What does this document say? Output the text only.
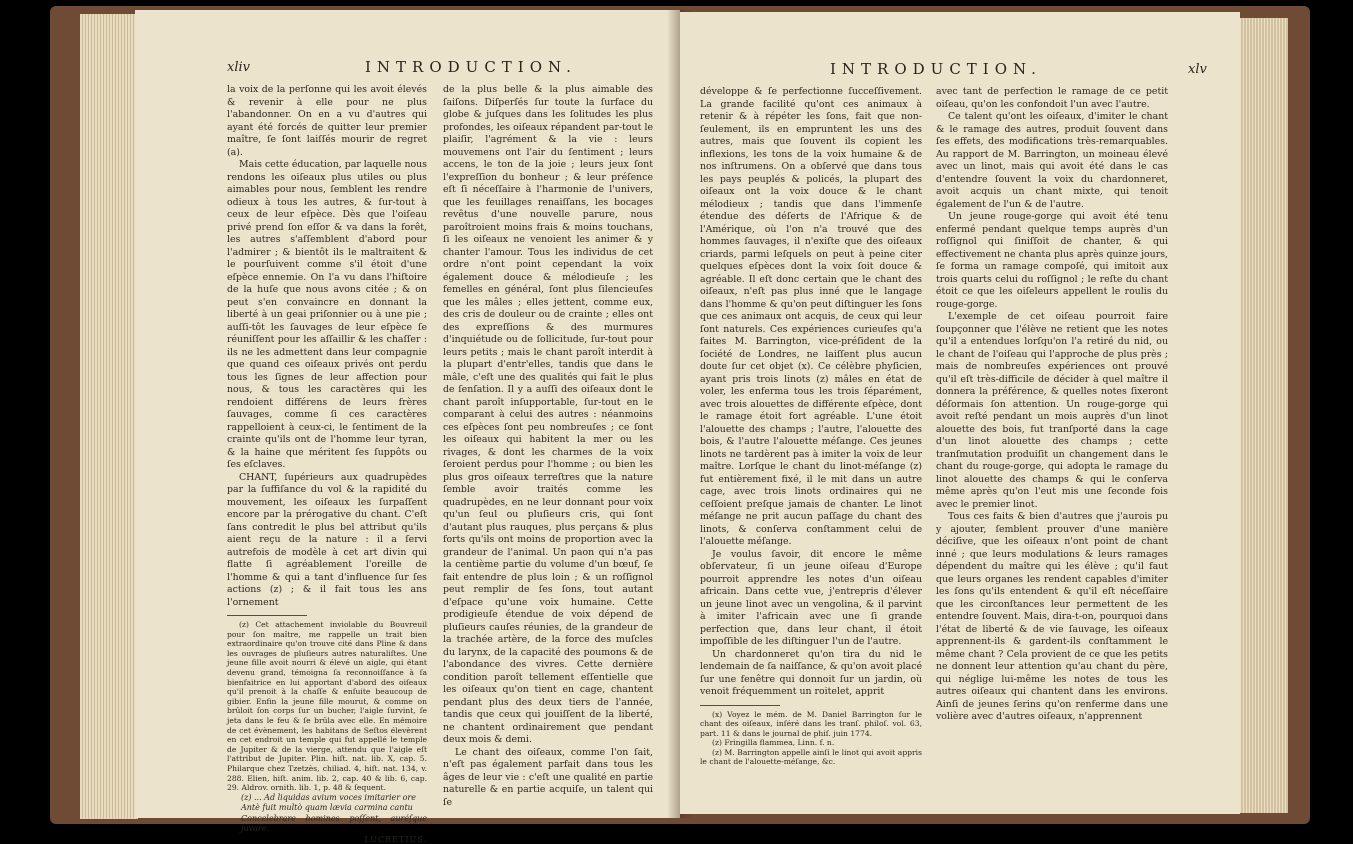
xliv	INTRODUCTION.

la voix de la perſonne qui les avoit élevés & revenir à elle pour ne plus l'abandonner. On en a vu d'autres qui ayant été forcés de quitter leur premier maître, ſe ſont laiſſés mourir de regret (a).

Mais cette éducation, par laquelle nous rendons les oiſeaux plus utiles ou plus aimables pour nous, ſemblent les rendre odieux à tous les autres, & ſur-tout à ceux de leur eſpèce. Dès que l'oiſeau privé prend ſon eſſor & va dans la forêt, les autres s'aſſemblent d'abord pour l'admirer ; & bientôt ils le maltraitent & le pourſuivent comme s'il étoit d'une eſpèce ennemie. On l'a vu dans l'hiſtoire de la huſe que nous avons citée ; & on peut s'en convaincre en donnant la liberté à un geai priſonnier ou à une pie ; auſſi-tôt les ſauvages de leur eſpèce ſe réuniſſent pour les aſſaillir & les chaſſer : ils ne les admettent dans leur compagnie que quand ces oiſeaux privés ont perdu tous les ſignes de leur affection pour nous, & tous les caractères qui les rendoient différens de leurs frères ſauvages, comme ſi ces caractères rappelloient à ceux-ci, le ſentiment de la crainte qu'ils ont de l'homme leur tyran, & la haine que méritent ſes ſuppôts ou ſes eſclaves.

CHANT, ſupérieurs aux quadrupèdes par la ſuffiſance du vol & la rapidité du mouvement, les oiſeaux les ſurpaſſent encore par la prérogative du chant. C'eſt ſans contredit le plus bel attribut qu'ils aient reçu de la nature : il a ſervi autrefois de modèle à cet art divin qui flatte ſi agréablement l'oreille de l'homme & qui a tant d'influence ſur ſes actions (z) ; & il fait tous les ans l'ornement

(z) Cet attachement inviolable du Bouvreuil pour ſon maître, me rappelle un trait bien extraordinaire qu'on trouve cité dans Pline & dans les ouvrages de pluſieurs autres naturaliſtes. Une jeune fille avoit nourri & élevé un aigle, qui étant devenu grand, témoigna ſa reconnoiſſance à ſa bienfaitrice en lui apportant d'abord des oiſeaux qu'il prenoit à la chaſſe & enſuite beaucoup de gibier. Enfin la jeune fille mourut, & comme on brûloit ſon corps ſur un bucher, l'aigle ſurvint, ſe jeta dans le feu & ſe brûla avec elle. En mémoire de cet évènement, les habitans de Seſtos élevèrent en cet endroit un temple qui fut appellé le temple de Jupiter & de la vierge, attendu que l'aigle eſt l'attribut de Jupiter. Plin. hiſt. nat. lib. X, cap. 5. Philarque chez Tzetzès, chiliad. 4, hiſt. nat. 134, v. 288. Elien, hiſt. anim. lib. 2, cap. 40 & lib. 6, cap. 29. Aldrov. ornith. lib. 1, p. 48 & ſequent.

(z) ... Ad liquidas avium voces imitarier ore
Antè fuit multò quam lævia carmina cantu
Concelebrare homines poſſent, auréſque juvare.
LUCRETIUS.

de la plus belle & la plus aimable des ſaiſons. Diſperſés ſur toute la ſurface du globe & juſques dans les ſolitudes les plus profondes, les oiſeaux répandent par-tout le plaiſir, l'agrément & la vie : leurs mouvemens ont l'air du ſentiment ; leurs accens, le ton de la joie ; leurs jeux ſont l'expreſſion du bonheur ; & leur préſence eſt ſi néceſſaire à l'harmonie de l'univers, que les feuillages renaiſſans, les bocages revêtus d'une nouvelle parure, nous paroîtroient moins frais & moins touchans, ſi les oiſeaux ne venoient les animer & y chanter l'amour. Tous les individus de cet ordre n'ont point cependant la voix également douce & mélodieuſe ; les femelles en général, ſont plus ſilencieuſes que les mâles ; elles jettent, comme eux, des cris de douleur ou de crainte ; elles ont des expreſſions & des murmures d'inquiétude ou de ſollicitude, ſur-tout pour leurs petits ; mais le chant paroît interdit à la plupart d'entr'elles, tandis que dans le mâle, c'eſt une des qualités qui fait le plus de ſenſation. Il y a auſſi des oiſeaux dont le chant paroît inſupportable, ſur-tout en le comparant à celui des autres : néanmoins ces eſpèces ſont peu nombreuſes ; ce ſont les oiſeaux qui habitent la mer ou les rivages, & dont les charmes de la voix ſeroient perdus pour l'homme ; ou bien les plus gros oiſeaux terreſtres que la nature ſemble avoir traités comme les quadrupèdes, en ne leur donnant pour voix qu'un ſeul ou pluſieurs cris, qui ſont d'autant plus rauques, plus perçans & plus forts qu'ils ont moins de proportion avec la grandeur de l'animal. Un paon qui n'a pas la centième partie du volume d'un bœuf, ſe fait entendre de plus loin ; & un roſſignol peut remplir de ſes ſons, tout autant d'eſpace qu'une voix humaine. Cette prodigieuſe étendue de voix dépend de pluſieurs cauſes réunies, de la grandeur de la trachée artère, de la force des muſcles du larynx, de la capacité des poumons & de l'abondance des vivres. Cette dernière condition paroît tellement eſſentielle que les oiſeaux qu'on tient en cage, chantent pendant plus des deux tiers de l'année, tandis que ceux qui jouiſſent de la liberté, ne chantent ordinairement que pendant deux mois & demi.

Le chant des oiſeaux, comme l'on ſait, n'eſt pas également parfait dans tous les âges de leur vie : c'eſt une qualité en partie naturelle & en partie acquiſe, un talent qui ſe

INTRODUCTION.	xlv

développe & ſe perfectionne ſucceſſivement. La grande facilité qu'ont ces animaux à retenir & à répéter les ſons, fait que non-ſeulement, ils en empruntent les uns des autres, mais que ſouvent ils copient les inflexions, les tons de la voix humaine & de nos inſtrumens. On a obſervé que dans tous les pays peuplés & policés, la plupart des oiſeaux ont la voix douce & le chant mélodieux ; tandis que dans l'immenſe étendue des déſerts de l'Afrique & de l'Amérique, où l'on n'a trouvé que des hommes ſauvages, il n'exiſte que des oiſeaux criards, parmi leſquels on peut à peine citer quelques eſpèces dont la voix ſoit douce & agréable. Il eſt donc certain que le chant des oiſeaux, n'eſt pas plus inné que le langage dans l'homme & qu'on peut diſtinguer les ſons que ces animaux ont acquis, de ceux qui leur ſont naturels. Ces expériences curieuſes qu'a faites M. Barrington, vice-préſident de la ſociété de Londres, ne laiſſent plus aucun doute ſur cet objet (x). Ce célèbre phyſicien, ayant pris trois linots (z) mâles en état de voler, les enferma tous les trois ſéparément, avec trois alouettes de différente eſpèce, dont le ramage étoit fort agréable. L'une étoit l'alouette des champs ; l'autre, l'alouette des bois, & l'autre l'alouette méſange. Ces jeunes linots ne tardèrent pas à imiter la voix de leur maître. Lorſque le chant du linot-méſange (z) fut entièrement fixé, il le mit dans un autre cage, avec trois linots ordinaires qui ne ceſſoient preſque jamais de chanter. Le linot méſange ne prit aucun paſſage du chant des linots, & conſerva conſtamment celui de l'alouette méſange.

Je voulus ſavoir, dit encore le même obſervateur, ſi un jeune oiſeau d'Europe pourroit apprendre les notes d'un oiſeau africain. Dans cette vue, j'entrepris d'élever un jeune linot avec un vengolina, & il parvint à imiter l'africain avec une ſi grande perfection que, dans leur chant, il étoit impoſſible de les diſtinguer l'un de l'autre.

Un chardonneret qu'on tira du nid le lendemain de ſa naiſſance, & qu'on avoit placé ſur une fenêtre qui donnoit ſur un jardin, où venoit fréquemment un roitelet, apprit

(x) Voyez le mém. de M. Daniel Barrington ſur le chant des oiſeaux, inſéré dans les tranſ. philoſ. vol. 63, part. 11 & dans le journal de phiſ. juin 1774.

(z) Fringilla flammea, Linn. f. n.

(z) M. Barrington appelle ainſi le linot qui avoit appris le chant de l'alouette-méſange, &c.

avec tant de perfection le ramage de ce petit oiſeau, qu'on les confondoit l'un avec l'autre.

Ce talent qu'ont les oiſeaux, d'imiter le chant & le ramage des autres, produit ſouvent dans ſes effets, des modifications très-remarquables. Au rapport de M. Barrington, un moineau élevé avec un linot, mais qui avoit été dans le cas d'entendre ſouvent la voix du chardonneret, avoit acquis un chant mixte, qui tenoit également de l'un & de l'autre.

Un jeune rouge-gorge qui avoit été tenu enfermé pendant quelque temps auprès d'un roſſignol qui ſiniſſoit de chanter, & qui effectivement ne chanta plus après quinze jours, ſe forma un ramage compoſé, qui imitoit aux trois quarts celui du roſſignol ; le reſte du chant étoit ce que les oiſeleurs appellent le roulis du rouge-gorge.

L'exemple de cet oiſeau pourroit faire ſoupçonner que l'élève ne retient que les notes qu'il a entendues lorſqu'on l'a retiré du nid, ou le chant de l'oiſeau qui l'approche de plus près ; mais de nombreuſes expériences ont prouvé qu'il eſt très-difficile de décider à quel maître il donnera la préférence, & quelles notes ſixeront déſormais ſon attention. Un rouge-gorge qui avoit reſté pendant un mois auprès d'un linot alouette des bois, fut tranſporté dans la cage d'un linot alouette des champs ; cette tranſmutation produiſit un changement dans le chant du rouge-gorge, qui adopta le ramage du linot alouette des champs & qui le conſerva même après qu'on l'eut mis une ſeconde fois avec le premier linot.

Tous ces faits & bien d'autres que j'aurois pu y ajouter, ſemblent prouver d'une manière déciſive, que les oiſeaux n'ont point de chant inné ; que leurs modulations & leurs ramages dépendent du maître qui les élève ; qu'il faut que leurs organes les rendent capables d'imiter les ſons qu'ils entendent & qu'il eſt néceſſaire que les circonſtances leur permettent de les entendre ſouvent. Mais, dira-t-on, pourquoi dans l'état de liberté & de vie ſauvage, les oiſeaux apprennent-ils & gardent-ils conſtamment le même chant ? Cela provient de ce que les petits ne donnent leur attention qu'au chant du père, qui néglige lui-même les notes de tous les autres oiſeaux qui chantent dans les environs. Ainſi de jeunes ſerins qu'on renferme dans une volière avec d'autres oiſeaux, n'apprennent
